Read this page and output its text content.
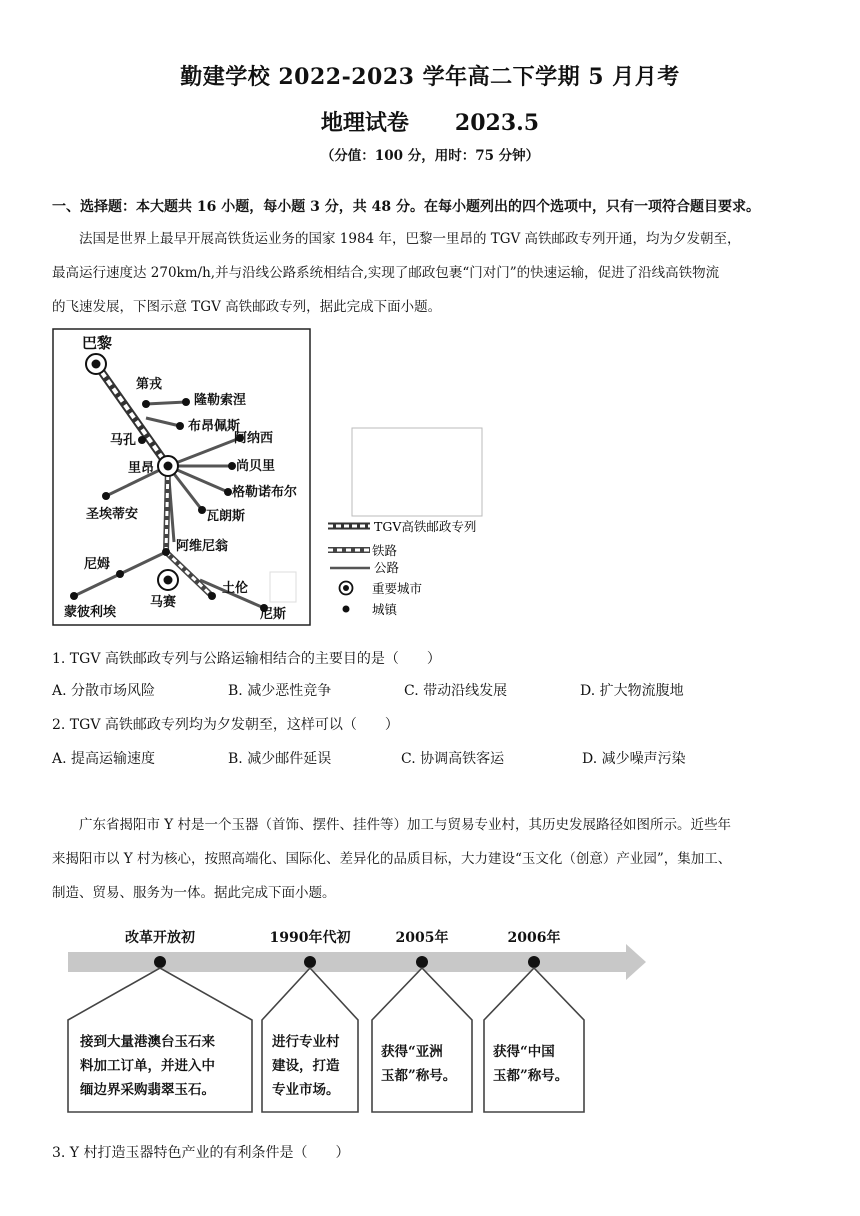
勤建学校 2022-2023 学年高二下学期 5 月月考
地理试卷 2023.5
（分值：100 分，用时：75 分钟）
一、选择题：本大题共 16 小题，每小题 3 分，共 48 分。在每小题列出的四个选项中，只有一项符合题目要求。
法国是世界上最早开展高铁货运业务的国家 1984 年，巴黎一里昂的 TGV 高铁邮政专列开通，均为夕发朝至，
最高运行速度达 270km/h,并与沿线公路系统相结合,实现了邮政包裹“门对门”的快速运输，促进了沿线高铁物流
的飞速发展，下图示意 TGV 高铁邮政专列，据此完成下面小题。
巴黎
第戎
隆勒索涅
布昂佩斯
马孔	阿纳西
里昂	尚贝里
格勒诺布尔
圣埃蒂安	瓦朗斯
阿维尼翁
尼姆
土伦
马赛
蒙彼利埃	尼斯
TGV高铁邮政专列
铁路
公路
重要城市
城镇
1. TGV 高铁邮政专列与公路运输相结合的主要目的是（　　）
A. 分散市场风险	B. 减少恶性竞争	C. 带动沿线发展	D. 扩大物流腹地
2. TGV 高铁邮政专列均为夕发朝至，这样可以（　　）
A. 提高运输速度	B. 减少邮件延误	C. 协调高铁客运	D. 减少噪声污染
广东省揭阳市 Y 村是一个玉器（首饰、摆件、挂件等）加工与贸易专业村，其历史发展路径如图所示。近些年
来揭阳市以 Y 村为核心，按照高端化、国际化、差异化的品质目标，大力建设“玉文化（创意）产业园”，集加工、
制造、贸易、服务为一体。据此完成下面小题。
改革开放初	1990年代初	2005年	2006年
接到大量港澳台玉石来
料加工订单，并进入中
缅边界采购翡翠玉石。
进行专业村
建设，打造
专业市场。
获得“亚洲
玉都”称号。
获得“中国
玉都”称号。
3. Y 村打造玉器特色产业的有利条件是（　　）
